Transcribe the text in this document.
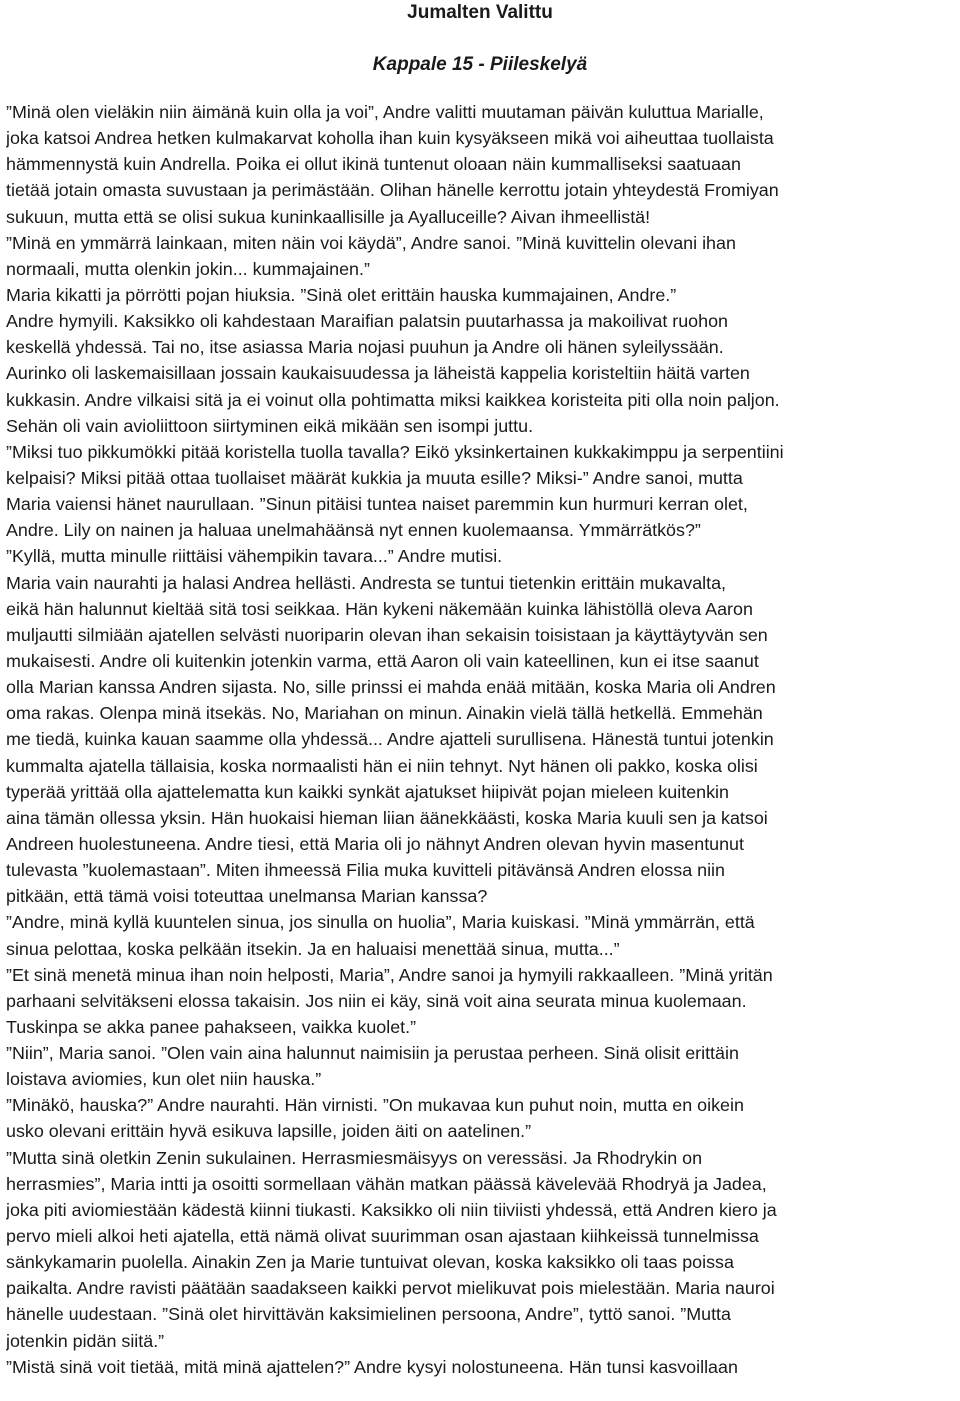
Jumalten Valittu
Kappale 15 - Piileskelyä
”Minä olen vieläkin niin äimänä kuin olla ja voi”, Andre valitti muutaman päivän kuluttua Marialle,
joka katsoi Andrea hetken kulmakarvat koholla ihan kuin kysyäkseen mikä voi aiheuttaa tuollaista
hämmennystä kuin Andrella. Poika ei ollut ikinä tuntenut oloaan näin kummalliseksi saatuaan
tietää jotain omasta suvustaan ja perimästään. Olihan hänelle kerrottu jotain yhteydestä Fromiyan
sukuun, mutta että se olisi sukua kuninkaallisille ja Ayalluceille? Aivan ihmeellistä!
”Minä en ymmärrä lainkaan, miten näin voi käydä”, Andre sanoi. ”Minä kuvittelin olevani ihan
normaali, mutta olenkin jokin... kummajainen.”
Maria kikatti ja pörrötti pojan hiuksia. ”Sinä olet erittäin hauska kummajainen, Andre.”
Andre hymyili. Kaksikko oli kahdestaan Maraifian palatsin puutarhassa ja makoilivat ruohon
keskellä yhdessä. Tai no, itse asiassa Maria nojasi puuhun ja Andre oli hänen syleilyssään.
Aurinko oli laskemaisillaan jossain kaukaisuudessa ja läheistä kappelia koristeltiin häitä varten
kukkasin. Andre vilkaisi sitä ja ei voinut olla pohtimatta miksi kaikkea koristeita piti olla noin paljon.
Sehän oli vain avioliittoon siirtyminen eikä mikään sen isompi juttu.
”Miksi tuo pikkumökki pitää koristella tuolla tavalla? Eikö yksinkertainen kukkakimppu ja serpentiini
kelpaisi? Miksi pitää ottaa tuollaiset määrät kukkia ja muuta esille? Miksi-” Andre sanoi, mutta
Maria vaiensi hänet naurullaan. ”Sinun pitäisi tuntea naiset paremmin kun hurmuri kerran olet,
Andre. Lily on nainen ja haluaa unelmahäänsä nyt ennen kuolemaansa. Ymmärrätkös?”
”Kyllä, mutta minulle riittäisi vähempikin tavara...” Andre mutisi.
Maria vain naurahti ja halasi Andrea hellästi. Andresta se tuntui tietenkin erittäin mukavalta,
eikä hän halunnut kieltää sitä tosi seikkaa. Hän kykeni näkemään kuinka lähistöllä oleva Aaron
muljautti silmiään ajatellen selvästi nuoriparin olevan ihan sekaisin toisistaan ja käyttäytyvän sen
mukaisesti. Andre oli kuitenkin jotenkin varma, että Aaron oli vain kateellinen, kun ei itse saanut
olla Marian kanssa Andren sijasta. No, sille prinssi ei mahda enää mitään, koska Maria oli Andren
oma rakas. Olenpa minä itsekäs. No, Mariahan on minun. Ainakin vielä tällä hetkellä. Emmehän
me tiedä, kuinka kauan saamme olla yhdessä... Andre ajatteli surullisena. Hänestä tuntui jotenkin
kummalta ajatella tällaisia, koska normaalisti hän ei niin tehnyt. Nyt hänen oli pakko, koska olisi
typerää yrittää olla ajattelematta kun kaikki synkät ajatukset hiipivät pojan mieleen kuitenkin
aina tämän ollessa yksin. Hän huokaisi hieman liian äänekkäästi, koska Maria kuuli sen ja katsoi
Andreen huolestuneena. Andre tiesi, että Maria oli jo nähnyt Andren olevan hyvin masentunut
tulevasta ”kuolemastaan”. Miten ihmeessä Filia muka kuvitteli pitävänsä Andren elossa niin
pitkään, että tämä voisi toteuttaa unelmansa Marian kanssa?
”Andre, minä kyllä kuuntelen sinua, jos sinulla on huolia”, Maria kuiskasi. ”Minä ymmärrän, että
sinua pelottaa, koska pelkään itsekin. Ja en haluaisi menettää sinua, mutta...”
”Et sinä menetä minua ihan noin helposti, Maria”, Andre sanoi ja hymyili rakkaalleen. ”Minä yritän
parhaani selvitäkseni elossa takaisin. Jos niin ei käy, sinä voit aina seurata minua kuolemaan.
Tuskinpa se akka panee pahakseen, vaikka kuolet.”
”Niin”, Maria sanoi. ”Olen vain aina halunnut naimisiin ja perustaa perheen. Sinä olisit erittäin
loistava aviomies, kun olet niin hauska.”
”Minäkö, hauska?” Andre naurahti. Hän virnisti. ”On mukavaa kun puhut noin, mutta en oikein
usko olevani erittäin hyvä esikuva lapsille, joiden äiti on aatelinen.”
”Mutta sinä oletkin Zenin sukulainen. Herrasmiesmäisyys on veressäsi. Ja Rhodrykin on
herrasmies”, Maria intti ja osoitti sormellaan vähän matkan päässä kävelevää Rhodryä ja Jadea,
joka piti aviomiestään kädestä kiinni tiukasti. Kaksikko oli niin tiiviisti yhdessä, että Andren kiero ja
pervo mieli alkoi heti ajatella, että nämä olivat suurimman osan ajastaan kiihkeissä tunnelmissa
sänkykamarin puolella. Ainakin Zen ja Marie tuntuivat olevan, koska kaksikko oli taas poissa
paikalta. Andre ravisti päätään saadakseen kaikki pervot mielikuvat pois mielestään. Maria nauroi
hänelle uudestaan. ”Sinä olet hirvittävän kaksimielinen persoona, Andre”, tyttö sanoi. ”Mutta
jotenkin pidän siitä.”
”Mistä sinä voit tietää, mitä minä ajattelen?” Andre kysyi nolostuneena. Hän tunsi kasvoillaan
